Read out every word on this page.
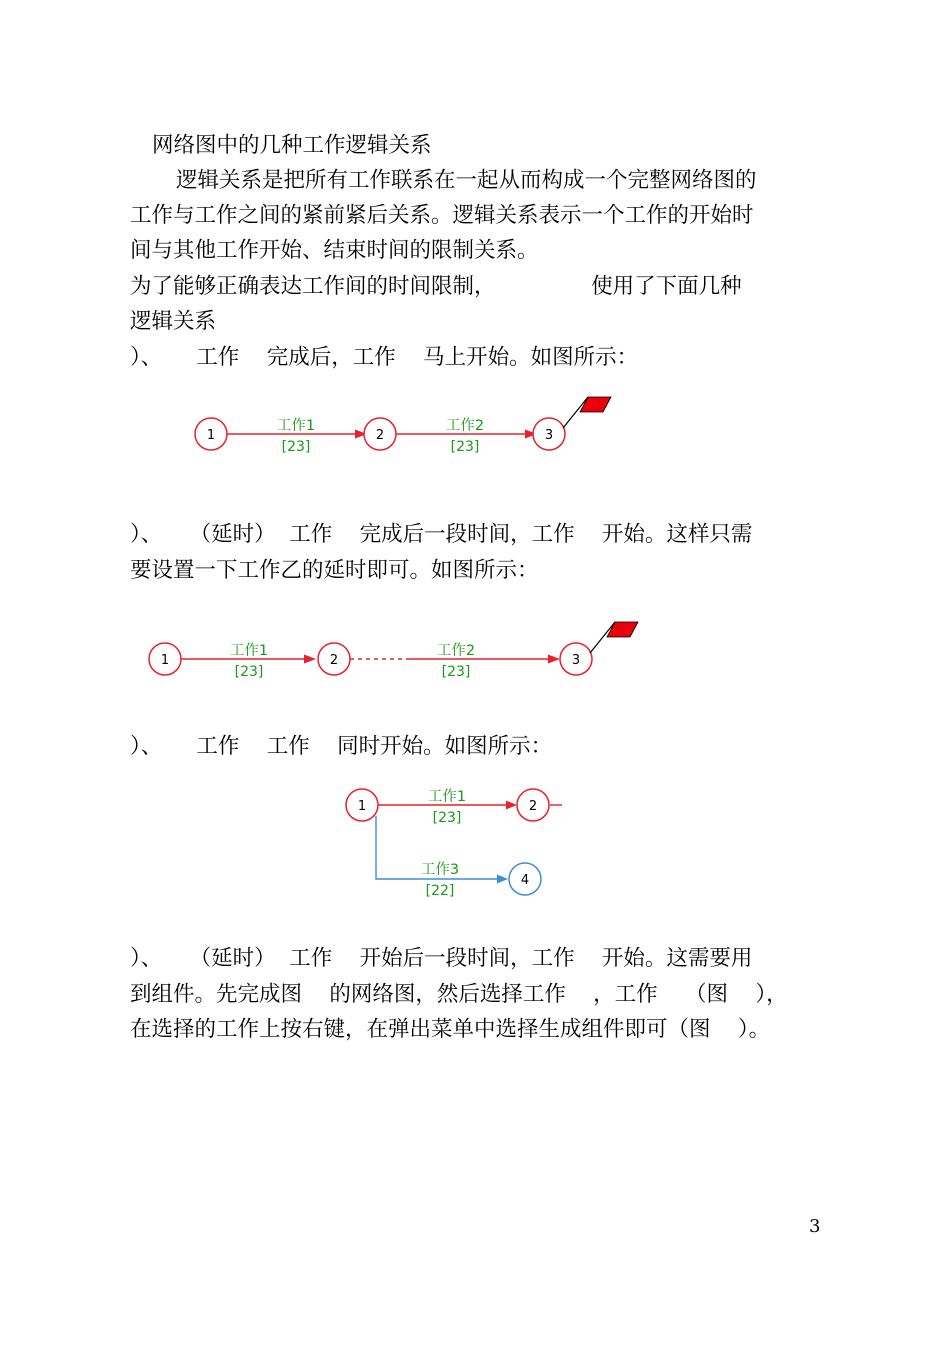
网络图中的几种工作逻辑关系
逻辑关系是把所有工作联系在一起从而构成一个完整网络图的
工作与工作之间的紧前紧后关系。逻辑关系表示一个工作的开始时
间与其他工作开始、结束时间的限制关系。
为了能够正确表达工作间的时间限制，              使用了下面几种
逻辑关系
）、     工作    完成后，工作    马上开始。如图所示：
工作1
[23]
工作2
[23]
1	2	3
）、    （延时）  工作    完成后一段时间，工作    开始。这样只需
要设置一下工作乙的延时即可。如图所示：
工作1
[23]
工作2
[23]
1	2	3
）、     工作    工作    同时开始。如图所示：
工作1
[23]
工作3
[22]
1	2
4
）、    （延时）  工作    开始后一段时间，工作    开始。这需要用
到组件。先完成图    的网络图，然后选择工作    ，工作    （图    ），
在选择的工作上按右键，在弹出菜单中选择生成组件即可（图    ）。
3
